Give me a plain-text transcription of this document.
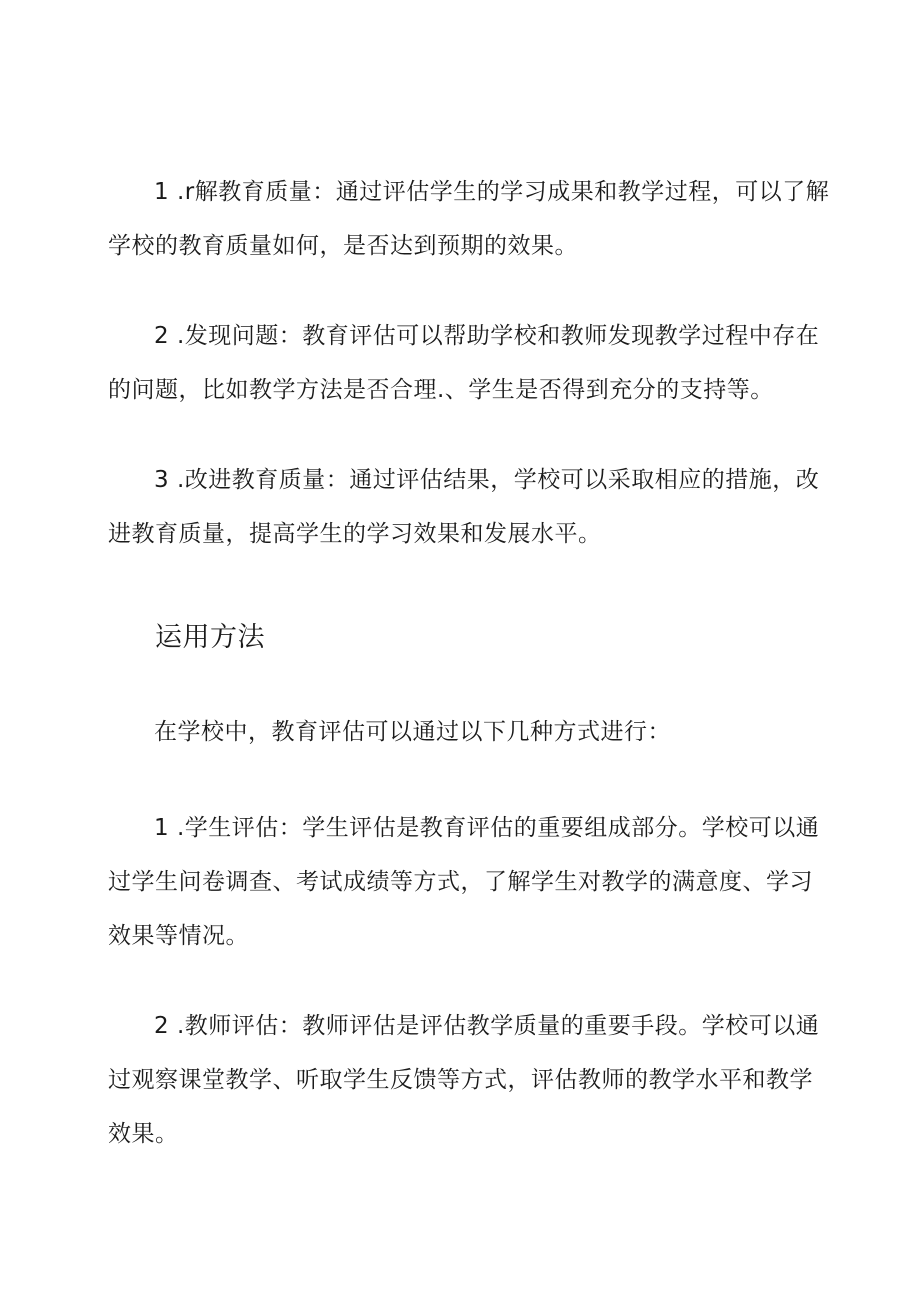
1 .r解教育质量：通过评估学生的学习成果和教学过程，可以了解
学校的教育质量如何，是否达到预期的效果。

2 .发现问题：教育评估可以帮助学校和教师发现教学过程中存在
的问题，比如教学方法是否合理.、学生是否得到充分的支持等。

3 .改进教育质量：通过评估结果，学校可以采取相应的措施，改
进教育质量，提高学生的学习效果和发展水平。

运用方法

在学校中，教育评估可以通过以下几种方式进行：

1 .学生评估：学生评估是教育评估的重要组成部分。学校可以通
过学生问卷调查、考试成绩等方式，了解学生对教学的满意度、学习
效果等情况。

2 .教师评估：教师评估是评估教学质量的重要手段。学校可以通
过观察课堂教学、听取学生反馈等方式，评估教师的教学水平和教学
效果。
